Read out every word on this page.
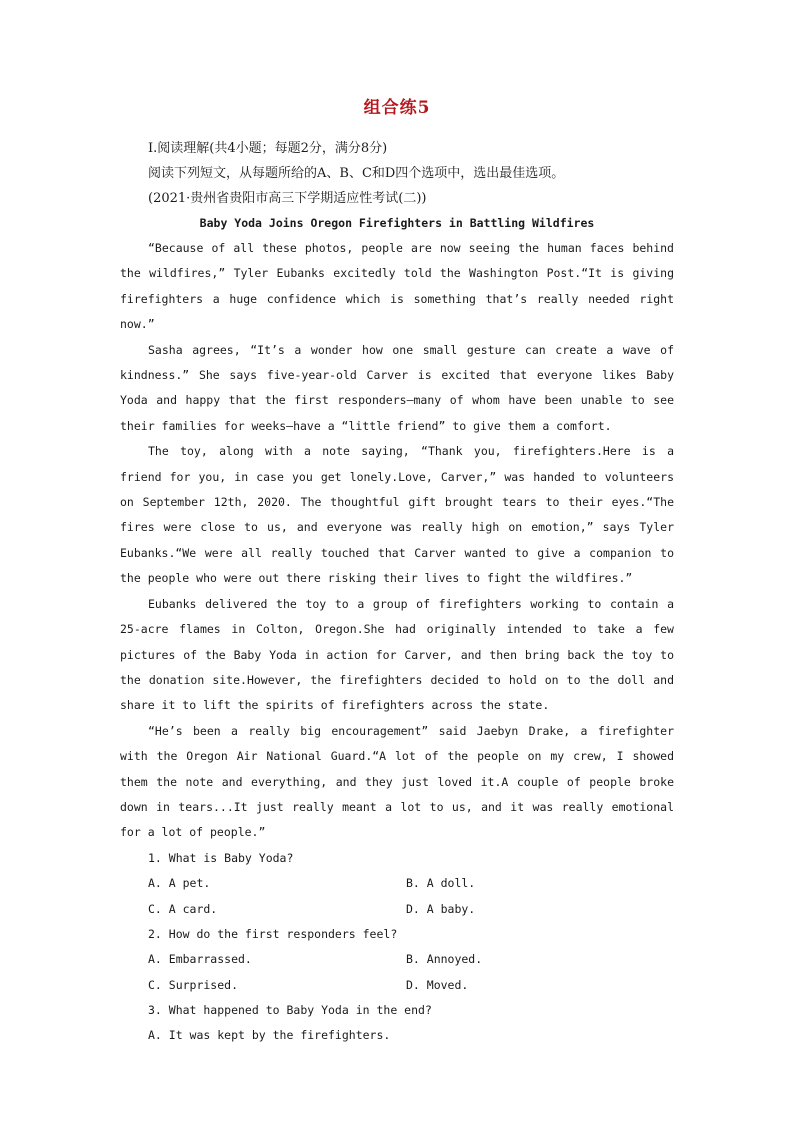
组合练5
Ⅰ.阅读理解(共4小题；每题2分，满分8分)
阅读下列短文，从每题所给的A、B、C和D四个选项中，选出最佳选项。
(2021·贵州省贵阳市高三下学期适应性考试(二))
Baby Yoda Joins Oregon Firefighters in Battling Wildfires

“Because of all these photos, people are now seeing the human faces behind the wildfires,” Tyler Eubanks excitedly told the Washington Post.“It is giving firefighters a huge confidence which is something that’s really needed right now.”

Sasha agrees, “It’s a wonder how one small gesture can create a wave of kindness.” She says five-year-old Carver is excited that everyone likes Baby Yoda and happy that the first responders—many of whom have been unable to see their families for weeks—have a “little friend” to give them a comfort.

The toy, along with a note saying, “Thank you, firefighters.Here is a friend for you, in case you get lonely.Love, Carver,” was handed to volunteers on September 12th, 2020. The thoughtful gift brought tears to their eyes.“The fires were close to us, and everyone was really high on emotion,” says Tyler Eubanks.“We were all really touched that Carver wanted to give a companion to the people who were out there risking their lives to fight the wildfires.”

Eubanks delivered the toy to a group of firefighters working to contain a 25-acre flames in Colton, Oregon.She had originally intended to take a few pictures of the Baby Yoda in action for Carver, and then bring back the toy to the donation site.However, the firefighters decided to hold on to the doll and share it to lift the spirits of firefighters across the state.

“He’s been a really big encouragement” said Jaebyn Drake, a firefighter with the Oregon Air National Guard.“A lot of the people on my crew, I showed them the note and everything, and they just loved it.A couple of people broke down in tears...It just really meant a lot to us, and it was really emotional for a lot of people.”

1. What is Baby Yoda?
A. A pet.	B. A doll.
C. A card.	D. A baby.
2. How do the first responders feel?
A. Embarrassed.	B. Annoyed.
C. Surprised.	D. Moved.
3. What happened to Baby Yoda in the end?
A. It was kept by the firefighters.
